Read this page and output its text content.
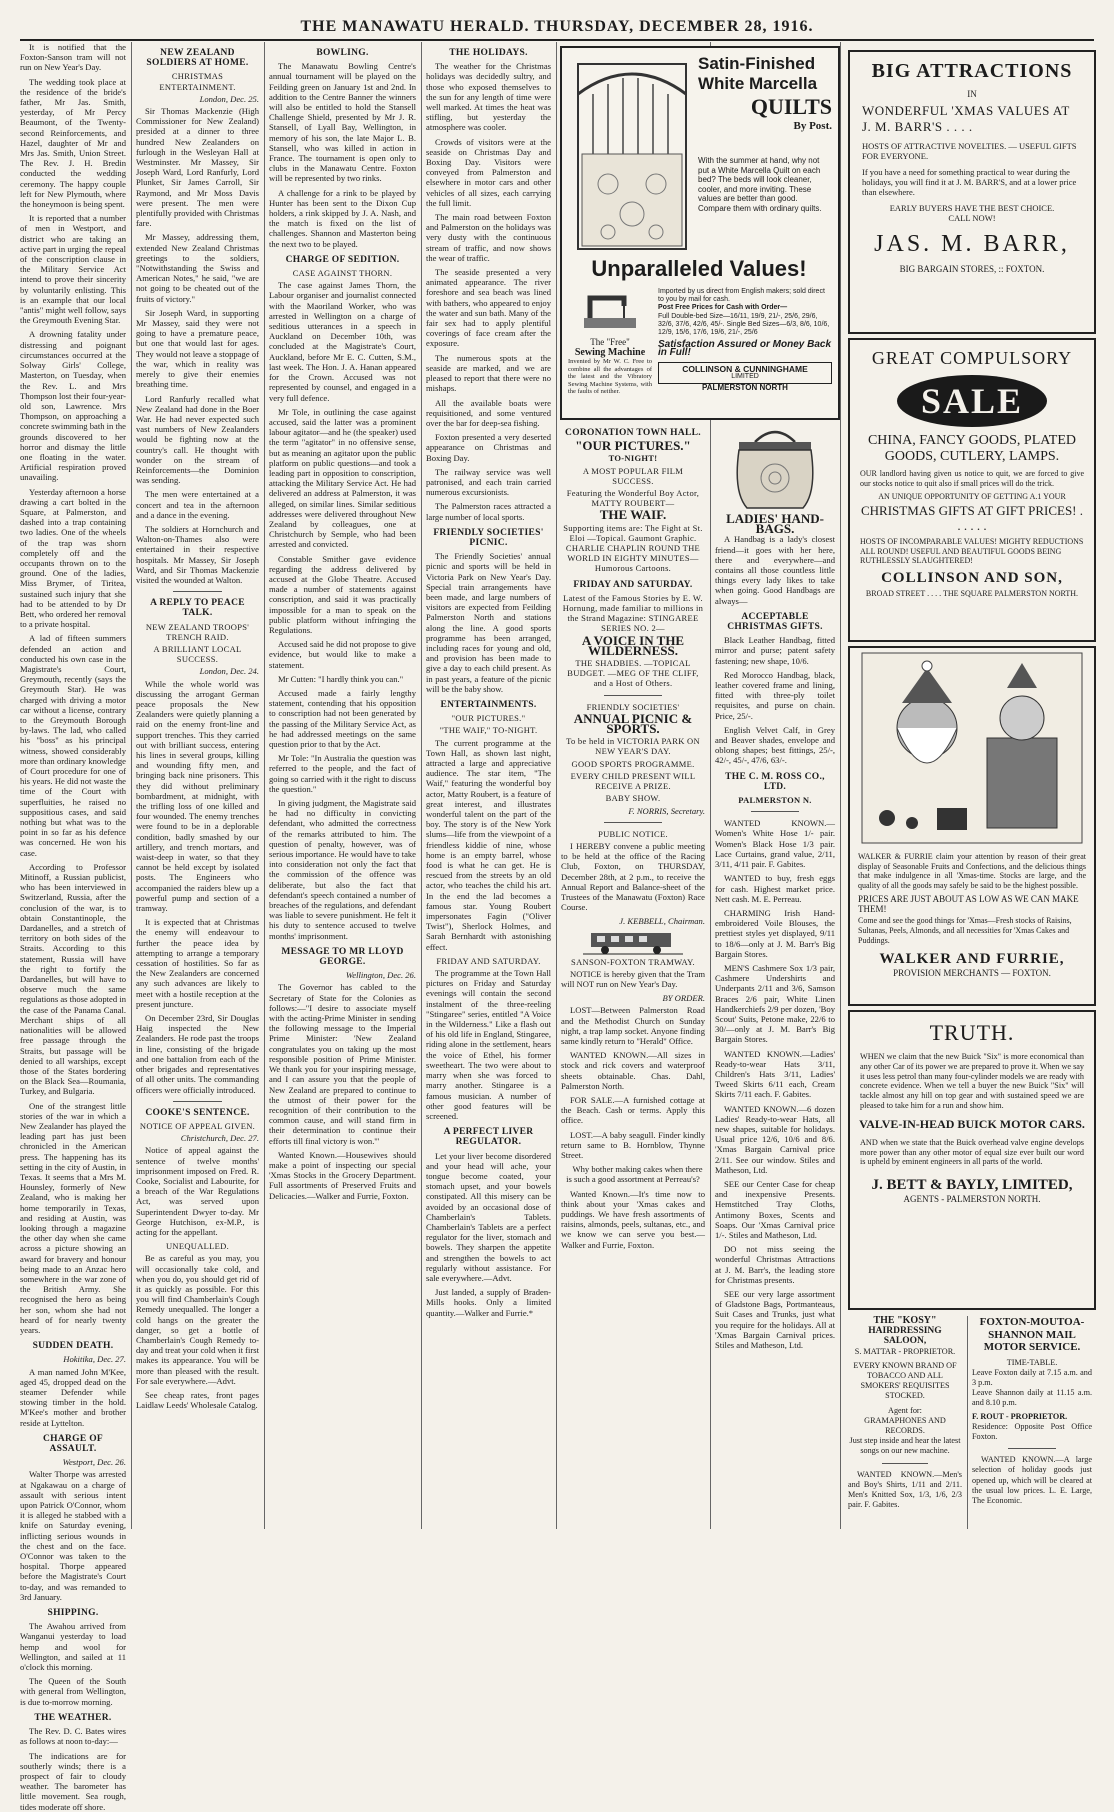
THE MANAWATU HERALD. THURSDAY, DECEMBER 28, 1916.

It is notified that the Foxton-Sanson tram will not run on New Year's Day.

The wedding took place at the residence of the bride's father, Mr Jas. Smith, yesterday, of Mr Percy Beaumont, of the Twenty-second Reinforcements, and Hazel, daughter of Mr and Mrs Jas. Smith, Union Street. The Rev. J. H. Bredin conducted the wedding ceremony. The happy couple left for New Plymouth, where the honeymoon is being spent.

It is reported that a number of men in Westport, and district who are taking an active part in urging the repeal of the conscription clause in the Military Service Act intend to prove their sincerity by voluntarily enlisting. This is an example that our local "antis" might well follow, says the Greymouth Evening Star.

A drowning fatality under distressing and poignant circumstances occurred at the Solway Girls' College, Masterton, on Tuesday, when the Rev. L. and Mrs Thompson lost their four-year-old son, Lawrence. Mrs Thompson, on approaching a concrete swimming bath in the grounds discovered to her horror and dismay the little one floating in the water. Artificial respiration proved unavailing.

Yesterday afternoon a horse drawing a cart bolted in the Square, at Palmerston, and dashed into a trap containing two ladies. One of the wheels of the trap was shorn completely off and the occupants thrown on to the ground. One of the ladies, Miss Brymer, of Tiritea, sustained such injury that she had to be attended to by Dr Bett, who ordered her removal to a private hospital.

A lad of fifteen summers defended an action and conducted his own case in the Magistrate's Court, Greymouth, recently (says the Greymouth Star). He was charged with driving a motor car without a license, contrary to the Greymouth Borough by-laws. The lad, who called his "boss" as his principal witness, showed considerably more than ordinary knowledge of Court procedure for one of his years. He did not waste the time of the Court with superfluities, he raised no suppositious cases, and said nothing but what was to the point in so far as his defence was concerned. He won his case.

According to Professor Mitinoff, a Russian publicist, who has been interviewed in Switzerland, Russia, after the conclusion of the war, is to obtain Constantinople, the Dardanelles, and a stretch of territory on both sides of the Straits. According to this statement, Russia will have the right to fortify the Dardanelles, but will have to observe much the same regulations as those adopted in the case of the Panama Canal. Merchant ships of all nationalities will be allowed free passage through the Straits, but passage will be denied to all warships, except those of the States bordering on the Black Sea—Roumania, Turkey, and Bulgaria.

One of the strangest little stories of the war in which a New Zealander has played the leading part has just been chronicled in the American press. The happening has its setting in the city of Austin, in Texas. It seems that a Mrs M. Hounsley, formerly of New Zealand, who is making her home temporarily in Texas, and residing at Austin, was looking through a magazine the other day when she came across a picture showing an award for bravery and honour being made to an Anzac hero somewhere in the war zone of the British Army. She recognised the hero as being her son, whom she had not heard of for nearly twenty years.

SUDDEN DEATH.
Hokitika, Dec. 27.

A man named John M'Kee, aged 45, dropped dead on the steamer Defender while stowing timber in the hold. M'Kee's mother and brother reside at Lyttelton.

CHARGE OF ASSAULT.
Westport, Dec. 26.

Walter Thorpe was arrested at Ngakawau on a charge of assault with serious intent upon Patrick O'Connor, whom it is alleged he stabbed with a knife on Saturday evening, inflicting serious wounds in the chest and on the face. O'Connor was taken to the hospital. Thorpe appeared before the Magistrate's Court to-day, and was remanded to 3rd January.

SHIPPING.

The Awahou arrived from Wanganui yesterday to load hemp and wool for Wellington, and sailed at 11 o'clock this morning.

The Queen of the South with general from Wellington, is due to-morrow morning.

THE WEATHER.

The Rev. D. C. Bates wires as follows at noon to-day:—

The indications are for southerly winds; there is a prospect of fair to cloudy weather. The barometer has little movement. Sea rough, tides moderate off shore.

NEW ZEALAND SOLDIERS AT HOME.
CHRISTMAS ENTERTAINMENT.
London, Dec. 25.

Sir Thomas Mackenzie (High Commissioner for New Zealand) presided at a dinner to three hundred New Zealanders on furlough in the Wesleyan Hall at Westminster. Mr Massey, Sir Joseph Ward, Lord Ranfurly, Lord Plunket, Sir James Carroll, Sir Raymond, and Mr Moss Davis were present. The men were plentifully provided with Christmas fare.

Mr Massey, addressing them, extended New Zealand Christmas greetings to the soldiers, "Notwithstanding the Swiss and American Notes," he said, "we are not going to be cheated out of the fruits of victory."

Sir Joseph Ward, in supporting Mr Massey, said they were not going to have a premature peace, but one that would last for ages. They would not leave a stoppage of the war, which in reality was merely to give their enemies breathing time.

Lord Ranfurly recalled what New Zealand had done in the Boer War. He had never expected such vast numbers of New Zealanders would be fighting now at the country's call. He thought with wonder on the stream of Reinforcements—the Dominion was sending.

The men were entertained at a concert and tea in the afternoon and a dance in the evening.

The soldiers at Hornchurch and Walton-on-Thames also were entertained in their respective hospitals. Mr Massey, Sir Joseph Ward, and Sir Thomas Mackenzie visited the wounded at Walton.

A REPLY TO PEACE TALK.
NEW ZEALAND TROOPS' TRENCH RAID.
A BRILLIANT LOCAL SUCCESS.
London, Dec. 24.

While the whole world was discussing the arrogant German peace proposals the New Zealanders were quietly planning a raid on the enemy front-line and support trenches. This they carried out with brilliant success, entering his lines in several groups, killing and wounding fifty men, and bringing back nine prisoners. This they did without preliminary bombardment, at midnight, with the trifling loss of one killed and four wounded. The enemy trenches were found to be in a deplorable condition, badly smashed by our artillery, and trench mortars, and waist-deep in water, so that they cannot be held except by isolated posts. The Engineers who accompanied the raiders blew up a powerful pump and section of a tramway.

It is expected that at Christmas the enemy will endeavour to further the peace idea by attempting to arrange a temporary cessation of hostilities. So far as the New Zealanders are concerned any such advances are likely to meet with a hostile reception at the present juncture.

On December 23rd, Sir Douglas Haig inspected the New Zealanders. He rode past the troops in line, consisting of the brigade and one battalion from each of the other brigades and representatives of all other units. The commanding officers were officially introduced.

COOKE'S SENTENCE.
NOTICE OF APPEAL GIVEN.
Christchurch, Dec. 27.

Notice of appeal against the sentence of twelve months' imprisonment imposed on Fred. R. Cooke, Socialist and Labourite, for a breach of the War Regulations Act, was served upon Superintendent Dwyer to-day. Mr George Hutchison, ex-M.P., is acting for the appellant.

UNEQUALLED.

Be as careful as you may, you will occasionally take cold, and when you do, you should get rid of it as quickly as possible. For this you will find Chamberlain's Cough Remedy unequalled. The longer a cold hangs on the greater the danger, so get a bottle of Chamberlain's Cough Remedy to-day and treat your cold when it first makes its appearance. You will be more than pleased with the result. For sale everywhere.—Advt.

See cheap rates, front pages Laidlaw Leeds' Wholesale Catalog.

BOWLING.

The Manawatu Bowling Centre's annual tournament will be played on the Feilding green on January 1st and 2nd. In addition to the Centre Banner the winners will also be entitled to hold the Stansell Challenge Shield, presented by Mr J. R. Stansell, of Lyall Bay, Wellington, in memory of his son, the late Major L. B. Stansell, who was killed in action in France. The tournament is open only to clubs in the Manawatu Centre. Foxton will be represented by two rinks.

A challenge for a rink to be played by Hunter has been sent to the Dixon Cup holders, a rink skipped by J. A. Nash, and the match is fixed on the list of challenges. Shannon and Masterton being the next two to be played.

CHARGE OF SEDITION.
CASE AGAINST THORN.

The case against James Thorn, the Labour organiser and journalist connected with the Maoriland Worker, who was arrested in Wellington on a charge of seditious utterances in a speech in Auckland on December 10th, was concluded at the Magistrate's Court, Auckland, before Mr E. C. Cutten, S.M., last week. The Hon. J. A. Hanan appeared for the Crown. Accused was not represented by counsel, and engaged in a very full defence.

Mr Tole, in outlining the case against accused, said the latter was a prominent labour agitator—and he (the speaker) used the term "agitator" in no offensive sense, but as meaning an agitator upon the public platform on public questions—and took a leading part in opposition to conscription, attacking the Military Service Act. He had delivered an address at Palmerston, it was alleged, on similar lines. Similar seditious addresses were delivered throughout New Zealand by colleagues, one at Christchurch by Semple, who had been arrested and convicted.

Constable Smither gave evidence regarding the address delivered by accused at the Globe Theatre. Accused made a number of statements against conscription, and said it was practically impossible for a man to speak on the public platform without infringing the Regulations.

Accused said he did not propose to give evidence, but would like to make a statement.

Mr Cutten: "I hardly think you can."

Accused made a fairly lengthy statement, contending that his opposition to conscription had not been generated by the passing of the Military Service Act, as he had addressed meetings on the same question prior to that by the Act.

Mr Tole: "In Australia the question was referred to the people, and the fact of going so carried with it the right to discuss the question."

In giving judgment, the Magistrate said he had no difficulty in convicting defendant, who admitted the correctness of the remarks attributed to him. The question of penalty, however, was of serious importance. He would have to take into consideration not only the fact that the commission of the offence was deliberate, but also the fact that defendant's speech contained a number of breaches of the regulations, and defendant was liable to severe punishment. He felt it his duty to sentence accused to twelve months' imprisonment.

MESSAGE TO MR LLOYD GEORGE.
Wellington, Dec. 26.

The Governor has cabled to the Secretary of State for the Colonies as follows:—"I desire to associate myself with the acting-Prime Minister in sending the following message to the Imperial Prime Minister: 'New Zealand congratulates you on taking up the most responsible position of Prime Minister. We thank you for your inspiring message, and I can assure you that the people of New Zealand are prepared to continue to the utmost of their power for the recognition of their contribution to the common cause, and will stand firm in their determination to continue their efforts till final victory is won.'"

Wanted Known.—Housewives should make a point of inspecting our special 'Xmas Stocks in the Grocery Department. Full assortments of Preserved Fruits and Delicacies.—Walker and Furrie, Foxton.

THE HOLIDAYS.

The weather for the Christmas holidays was decidedly sultry, and those who exposed themselves to the sun for any length of time were well marked. At times the heat was stifling, but yesterday the atmosphere was cooler.

Crowds of visitors were at the seaside on Christmas Day and Boxing Day. Visitors were conveyed from Palmerston and elsewhere in motor cars and other vehicles of all sizes, each carrying the full limit.

The main road between Foxton and Palmerston on the holidays was very dusty with the continuous stream of traffic, and now shows the wear of traffic.

The seaside presented a very animated appearance. The river foreshore and sea beach was lined with bathers, who appeared to enjoy the water and sun bath. Many of the fair sex had to apply plentiful coverings of face cream after the exposure.

The numerous spots at the seaside are marked, and we are pleased to report that there were no mishaps.

All the available boats were requisitioned, and some ventured over the bar for deep-sea fishing.

Foxton presented a very deserted appearance on Christmas and Boxing Day.

The railway service was well patronised, and each train carried numerous excursionists.

The Palmerston races attracted a large number of local sports.

FRIENDLY SOCIETIES' PICNIC.

The Friendly Societies' annual picnic and sports will be held in Victoria Park on New Year's Day. Special train arrangements have been made, and large numbers of visitors are expected from Feilding Palmerston North and stations along the line. A good sports programme has been arranged, including races for young and old, and provision has been made to give a day to each child present. As in past years, a feature of the picnic will be the baby show.

ENTERTAINMENTS.
"OUR PICTURES."
"THE WAIF," TO-NIGHT.

The current programme at the Town Hall, as shown last night, attracted a large and appreciative audience. The star item, "The Waif," featuring the wonderful boy actor, Matty Roubert, is a feature of great interest, and illustrates wonderful talent on the part of the boy. The story is of the New York slums—life from the viewpoint of a friendless kiddie of nine, whose home is an empty barrel, whose food is what he can get. He is rescued from the streets by an old actor, who teaches the child his art. In the end the lad becomes a famous star. Young Roubert impersonates Fagin ("Oliver Twist"), Sherlock Holmes, and Sarah Bernhardt with astonishing effect.

FRIDAY AND SATURDAY.

The programme at the Town Hall pictures on Friday and Saturday evenings will contain the second instalment of the three-reeling "Stingaree" series, entitled "A Voice in the Wilderness." Like a flash out of his old life in England, Stingaree, riding alone in the settlement, hears the voice of Ethel, his former sweetheart. The two were about to marry when she was forced to marry another. Stingaree is a famous musician. A number of other good features will be screened.

A PERFECT LIVER REGULATOR.

Let your liver become disordered and your head will ache, your tongue become coated, your stomach upset, and your bowels constipated. All this misery can be avoided by an occasional dose of Chamberlain's Tablets. Chamberlain's Tablets are a perfect regulator for the liver, stomach and bowels. They sharpen the appetite and strengthen the bowels to act regularly without assistance. For sale everywhere.—Advt.

Just landed, a supply of Braden-Mills hooks. Only a limited quantity.—Walker and Furrie.*

Satin-Finished
White Marcella
QUILTS
By Post.
With the summer at hand, why not put a White Marcella Quilt on each bed? The beds will look cleaner, cooler, and more inviting. These values are better than good. Compare them with ordinary quilts.
Unparalleled Values!
The "Free"
Sewing Machine
Invented by Mr W. C. Free to combine all the advantages of the latest and the Vibratory Sewing Machine Systems, with the faults of neither.
Imported by us direct from English makers; sold direct to you by mail for cash.
Post Free Prices for Cash with Order—
Full Double-bed Size—16/11, 19/9, 21/-, 25/6, 29/6, 32/6, 37/6, 42/6, 45/-. Single Bed Sizes—6/3, 8/6, 10/6, 12/9, 15/6, 17/6, 19/6, 21/-, 25/6
Satisfaction Assured or Money Back in Full!
COLLINSON & CUNNINGHAME
LIMITED
PALMERSTON NORTH
CORONATION TOWN HALL.
"OUR PICTURES."
TO-NIGHT!
A MOST POPULAR FILM SUCCESS.
Featuring the Wonderful Boy Actor, MATTY ROUBERT—
THE WAIF.
Supporting items are: The Fight at St. Eloi —Topical. Gaumont Graphic. CHARLIE CHAPLIN ROUND THE WORLD IN EIGHTY MINUTES— Humorous Cartoons.
FRIDAY AND SATURDAY.
Latest of the Famous Stories by E. W. Hornung, made familiar to millions in the Strand Magazine: STINGAREE SERIES NO. 2—
A VOICE IN THE WILDERNESS.
THE SHADBIES. —TOPICAL BUDGET. —MEG OF THE CLIFF, and a Host of Others.
FRIENDLY SOCIETIES'
ANNUAL PICNIC & SPORTS.
To be held in VICTORIA PARK ON NEW YEAR'S DAY.
GOOD SPORTS PROGRAMME.
EVERY CHILD PRESENT WILL RECEIVE A PRIZE.
BABY SHOW.
F. NORRIS, Secretary.
PUBLIC NOTICE.

I HEREBY convene a public meeting to be held at the office of the Racing Club, Foxton, on THURSDAY, December 28th, at 2 p.m., to receive the Annual Report and Balance-sheet of the Trustees of the Manawatu (Foxton) Race Course.

J. KEBBELL, Chairman.
SANSON-FOXTON TRAMWAY.

NOTICE is hereby given that the Tram will NOT run on New Year's Day.

BY ORDER.

LOST—Between Palmerston Road and the Methodist Church on Sunday night, a trap lamp socket. Anyone finding same kindly return to "Herald" Office.

WANTED KNOWN.—All sizes in stock and rick covers and waterproof sheets obtainable. Chas. Dahl, Palmerston North.

FOR SALE.—A furnished cottage at the Beach. Cash or terms. Apply this office.

LOST.—A baby seagull. Finder kindly return same to B. Hornblow, Thynne Street.

Why bother making cakes when there is such a good assortment at Perreau's?

Wanted Known.—It's time now to think about your 'Xmas cakes and puddings. We have fresh assortments of raisins, almonds, peels, sultanas, etc., and we know we can serve you best.—Walker and Furrie, Foxton.

LADIES' HAND-BAGS.

A Handbag is a lady's closest friend—it goes with her here, there and everywhere—and contains all those countless little things every lady likes to take when going. Good Handbags are always—

ACCEPTABLE CHRISTMAS GIFTS.

Black Leather Handbag, fitted mirror and purse; patent safety fastening; new shape, 10/6.

Red Morocco Handbag, black, leather covered frame and lining, fitted with three-ply toilet requisites, and purse on chain. Price, 25/-.

English Velvet Calf, in Grey and Beaver shades, envelope and oblong shapes; best fittings, 25/-, 42/-, 45/-, 47/6, 63/-.

THE C. M. ROSS CO., LTD.
PALMERSTON N.

WANTED KNOWN.—Women's White Hose 1/- pair. Women's Black Hose 1/3 pair. Lace Curtains, grand value, 2/11, 3/11, 4/11 pair. F. Gabites.

WANTED to buy, fresh eggs for cash. Highest market price. Nett cash. M. E. Perreau.

CHARMING Irish Hand-embroidered Voile Blouses, the prettiest styles yet displayed, 9/11 to 18/6—only at J. M. Barr's Big Bargain Stores.

MEN'S Cashmere Sox 1/3 pair, Cashmere Undershirts and Underpants 2/11 and 3/6, Samson Braces 2/6 pair, White Linen Handkerchiefs 2/9 per dozen, 'Boy Scout' Suits, Petone make, 22/6 to 30/—only at J. M. Barr's Big Bargain Stores.

WANTED KNOWN.—Ladies' Ready-to-wear Hats 3/11, Children's Hats 3/11, Ladies' Tweed Skirts 6/11 each, Cream Skirts 7/11 each. F. Gabites.

WANTED KNOWN.—6 dozen Ladies' Ready-to-wear Hats, all new shapes, suitable for holidays. Usual price 12/6, 10/6 and 8/6. 'Xmas Bargain Carnival price 2/11. See our window. Stiles and Matheson, Ltd.

SEE our Center Case for cheap and inexpensive Presents. Hemstitched Tray Cloths, Antimony Boxes, Scents and Soaps. Our 'Xmas Carnival price 1/-. Stiles and Matheson, Ltd.

DO not miss seeing the wonderful Christmas Attractions at J. M. Barr's, the leading store for Christmas presents.

SEE our very large assortment of Gladstone Bags, Portmanteaus, Suit Cases and Trunks, just what you require for the holidays. All at 'Xmas Bargain Carnival prices. Stiles and Matheson, Ltd.

BIG ATTRACTIONS
IN
WONDERFUL 'XMAS VALUES AT J. M. BARR'S . . . .
HOSTS OF ATTRACTIVE NOVELTIES. — USEFUL GIFTS FOR EVERYONE.
If you have a need for something practical to wear during the holidays, you will find it at J. M. BARR'S, and at a lower price than elsewhere.
EARLY BUYERS HAVE THE BEST CHOICE.
CALL NOW!
JAS. M. BARR,
BIG BARGAIN STORES, :: FOXTON.
GREAT COMPULSORY
SALE
CHINA, FANCY GOODS, PLATED GOODS, CUTLERY, LAMPS.
OUR landlord having given us notice to quit, we are forced to give our stocks notice to quit also if small prices will do the trick.
AN UNIQUE OPPORTUNITY OF GETTING A.1 YOUR
CHRISTMAS GIFTS AT GIFT PRICES! . . . . . .
HOSTS OF INCOMPARABLE VALUES! MIGHTY REDUCTIONS ALL ROUND! USEFUL AND BEAUTIFUL GOODS BEING RUTHLESSLY SLAUGHTERED!
COLLINSON AND SON,
BROAD STREET . . . . THE SQUARE PALMERSTON NORTH.
WALKER & FURRIE claim your attention by reason of their great display of Seasonable Fruits and Confections, and the delicious things that make indulgence in all 'Xmas-time. Stocks are large, and the quality of all the goods may safely be said to be the highest possible.
PRICES ARE JUST ABOUT AS LOW AS WE CAN MAKE THEM!
Come and see the good things for 'Xmas—Fresh stocks of Raisins, Sultanas, Peels, Almonds, and all necessities for 'Xmas Cakes and Puddings.
WALKER AND FURRIE,
PROVISION MERCHANTS — FOXTON.
TRUTH.
WHEN we claim that the new Buick "Six" is more economical than any other Car of its power we are prepared to prove it. When we say it uses less petrol than many four-cylinder models we are ready with concrete evidence. When we tell a buyer the new Buick "Six" will tackle almost any hill on top gear and with sustained speed we are pleased to take him for a run and show him.
VALVE-IN-HEAD BUICK MOTOR CARS.
AND when we state that the Buick overhead valve engine develops more power than any other motor of equal size ever built our word is upheld by eminent engineers in all parts of the world.
J. BETT & BAYLY, LIMITED,
AGENTS - PALMERSTON NORTH.
THE "KOSY"
HAIRDRESSING SALOON,
S. MATTAR - PROPRIETOR.
EVERY KNOWN BRAND OF TOBACCO AND ALL SMOKERS' REQUISITES STOCKED.
Agent for:
GRAMAPHONES AND RECORDS.
Just step inside and hear the latest songs on our new machine.

WANTED KNOWN.—Men's and Boy's Shirts, 1/11 and 2/11. Men's Knitted Sox, 1/3, 1/6, 2/3 pair. F. Gabites.

FOXTON-MOUTOA-SHANNON MAIL MOTOR SERVICE.
TIME-TABLE.
Leave Foxton daily at 7.15 a.m. and 3 p.m.
Leave Shannon daily at 11.15 a.m. and 8.10 p.m.
F. ROUT - PROPRIETOR.
Residence: Opposite Post Office Foxton.

WANTED KNOWN.—A large selection of holiday goods just opened up, which will be cleared at the usual low prices. L. E. Large, The Economic.
